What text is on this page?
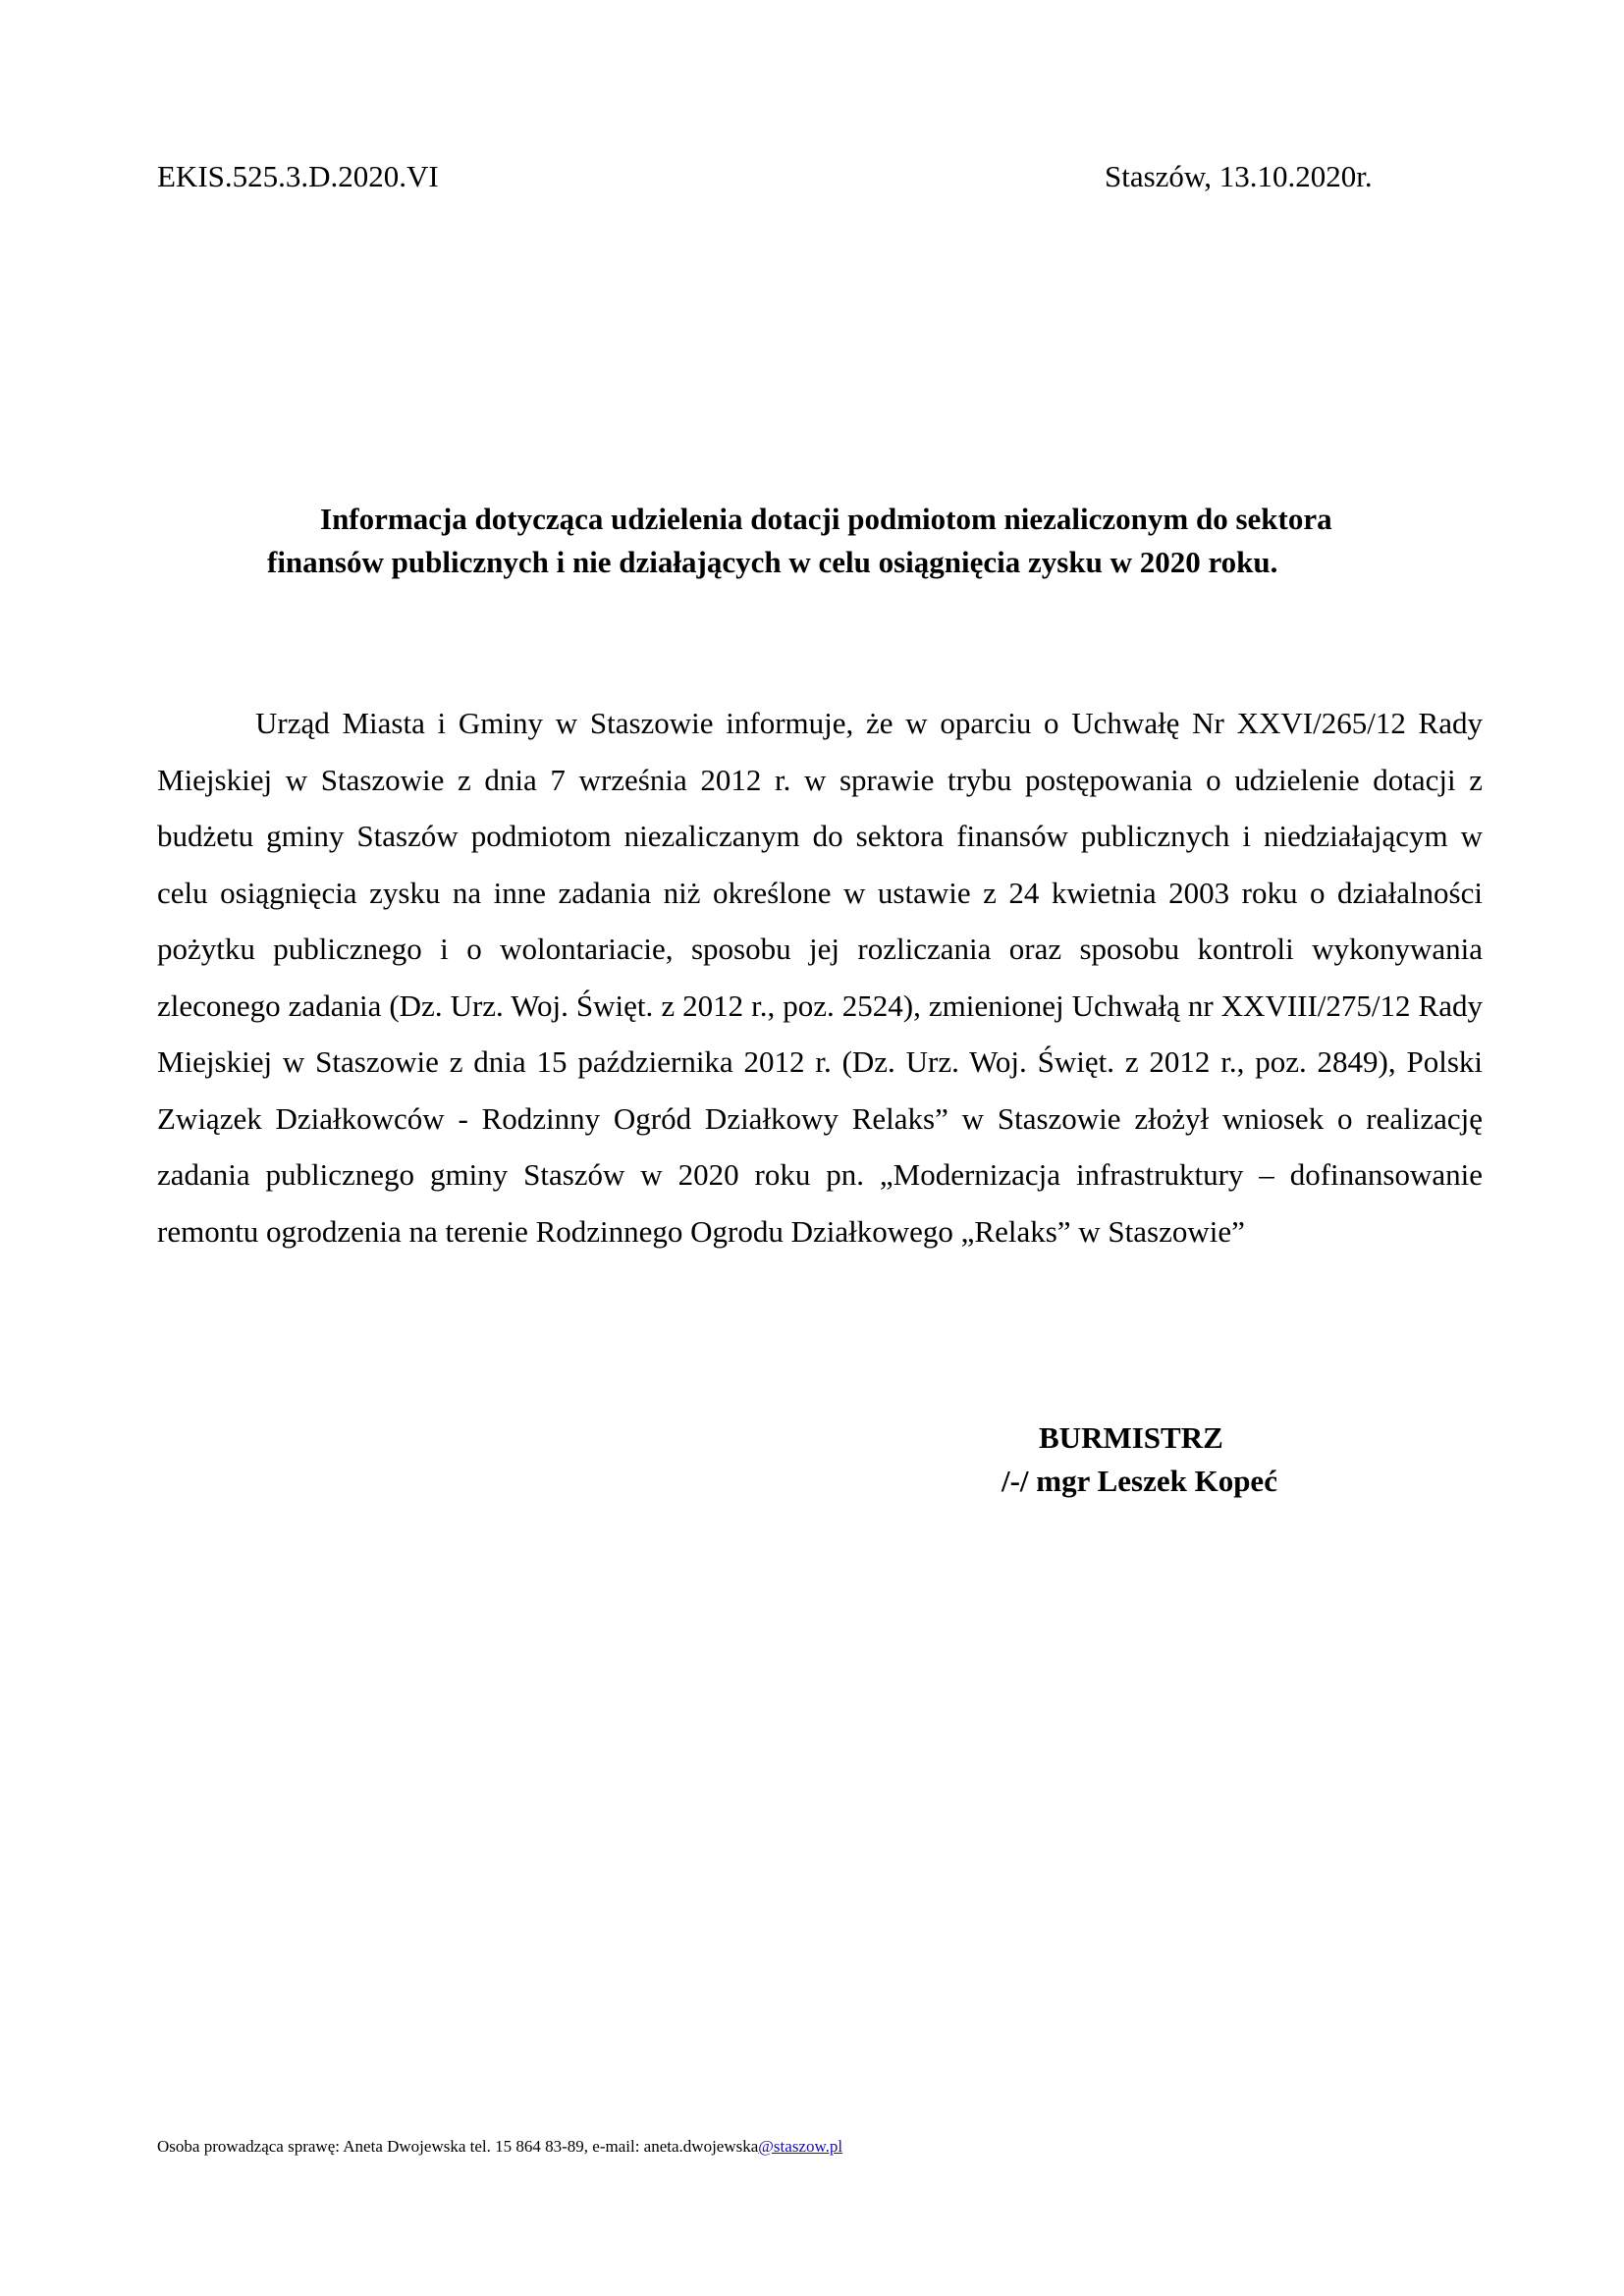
EKIS.525.3.D.2020.VI	Staszów, 13.10.2020r.
Informacja dotycząca udzielenia dotacji podmiotom niezaliczonym do sektora
finansów publicznych i nie działających w celu osiągnięcia zysku w 2020 roku.

Urząd Miasta i Gminy w Staszowie informuje, że w oparciu o Uchwałę Nr XXVI/265/12 Rady Miejskiej w Staszowie z dnia 7 września 2012 r. w sprawie trybu postępowania o udzielenie dotacji z budżetu gminy Staszów podmiotom niezaliczanym do sektora finansów publicznych i niedziałającym w celu osiągnięcia zysku na inne zadania niż określone w ustawie z 24 kwietnia 2003 roku o działalności pożytku publicznego i o wolontariacie, sposobu jej rozliczania oraz sposobu kontroli wykonywania zleconego zadania (Dz. Urz. Woj. Święt. z 2012 r., poz. 2524), zmienionej Uchwałą nr XXVIII/275/12 Rady Miejskiej w Staszowie z dnia 15 października 2012 r. (Dz. Urz. Woj. Święt. z 2012 r., poz. 2849), Polski Związek Działkowców - Rodzinny Ogród Działkowy Relaks” w Staszowie złożył wniosek o realizację zadania publicznego gminy Staszów w 2020 roku pn. „Modernizacja infrastruktury – dofinansowanie remontu ogrodzenia na terenie Rodzinnego Ogrodu Działkowego „Relaks” w Staszowie”

BURMISTRZ
/-/ mgr Leszek Kopeć
Osoba prowadząca sprawę: Aneta Dwojewska tel. 15 864 83-89, e-mail: aneta.dwojewska@staszow.pl
